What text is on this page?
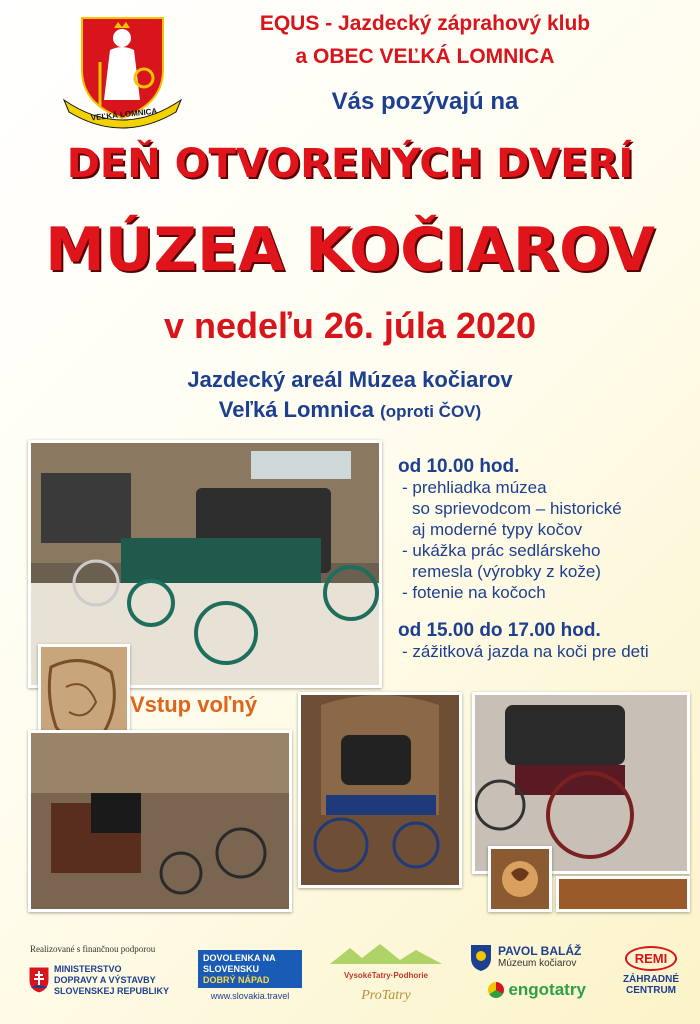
VEĽKÁ LOMNICA
EQUS - Jazdecký záprahový klub
a OBEC VEĽKÁ LOMNICA
Vás pozývajú na
DEŇ OTVORENÝCH DVERÍ
MÚZEA KOČIAROV
v nedeľu 26. júla 2020
Jazdecký areál Múzea kočiarov
Veľká Lomnica (oproti ČOV)
od 10.00 hod.
- prehliadka múzea
so sprievodcom – historické
aj moderné typy kočov
- ukážka prác sedlárskeho
remesla (výrobky z kože)
- fotenie na kočoch
od 15.00 do 17.00 hod.
- zážitková jazda na koči pre deti
Vstup voľný
Realizované s finančnou podporou
MINISTERSTVO
DOPRAVY A VÝSTAVBY
SLOVENSKEJ REPUBLIKY
DOVOLENKA NA
SLOVENSKU
DOBRÝ NÁPAD
www.slovakia.travel
VysokéTatry·Podhorie
ProTatry
PAVOL BALÁŽ
Múzeum kočiarov
engotatry
REMI
ZÁHRADNÉ
CENTRUM
